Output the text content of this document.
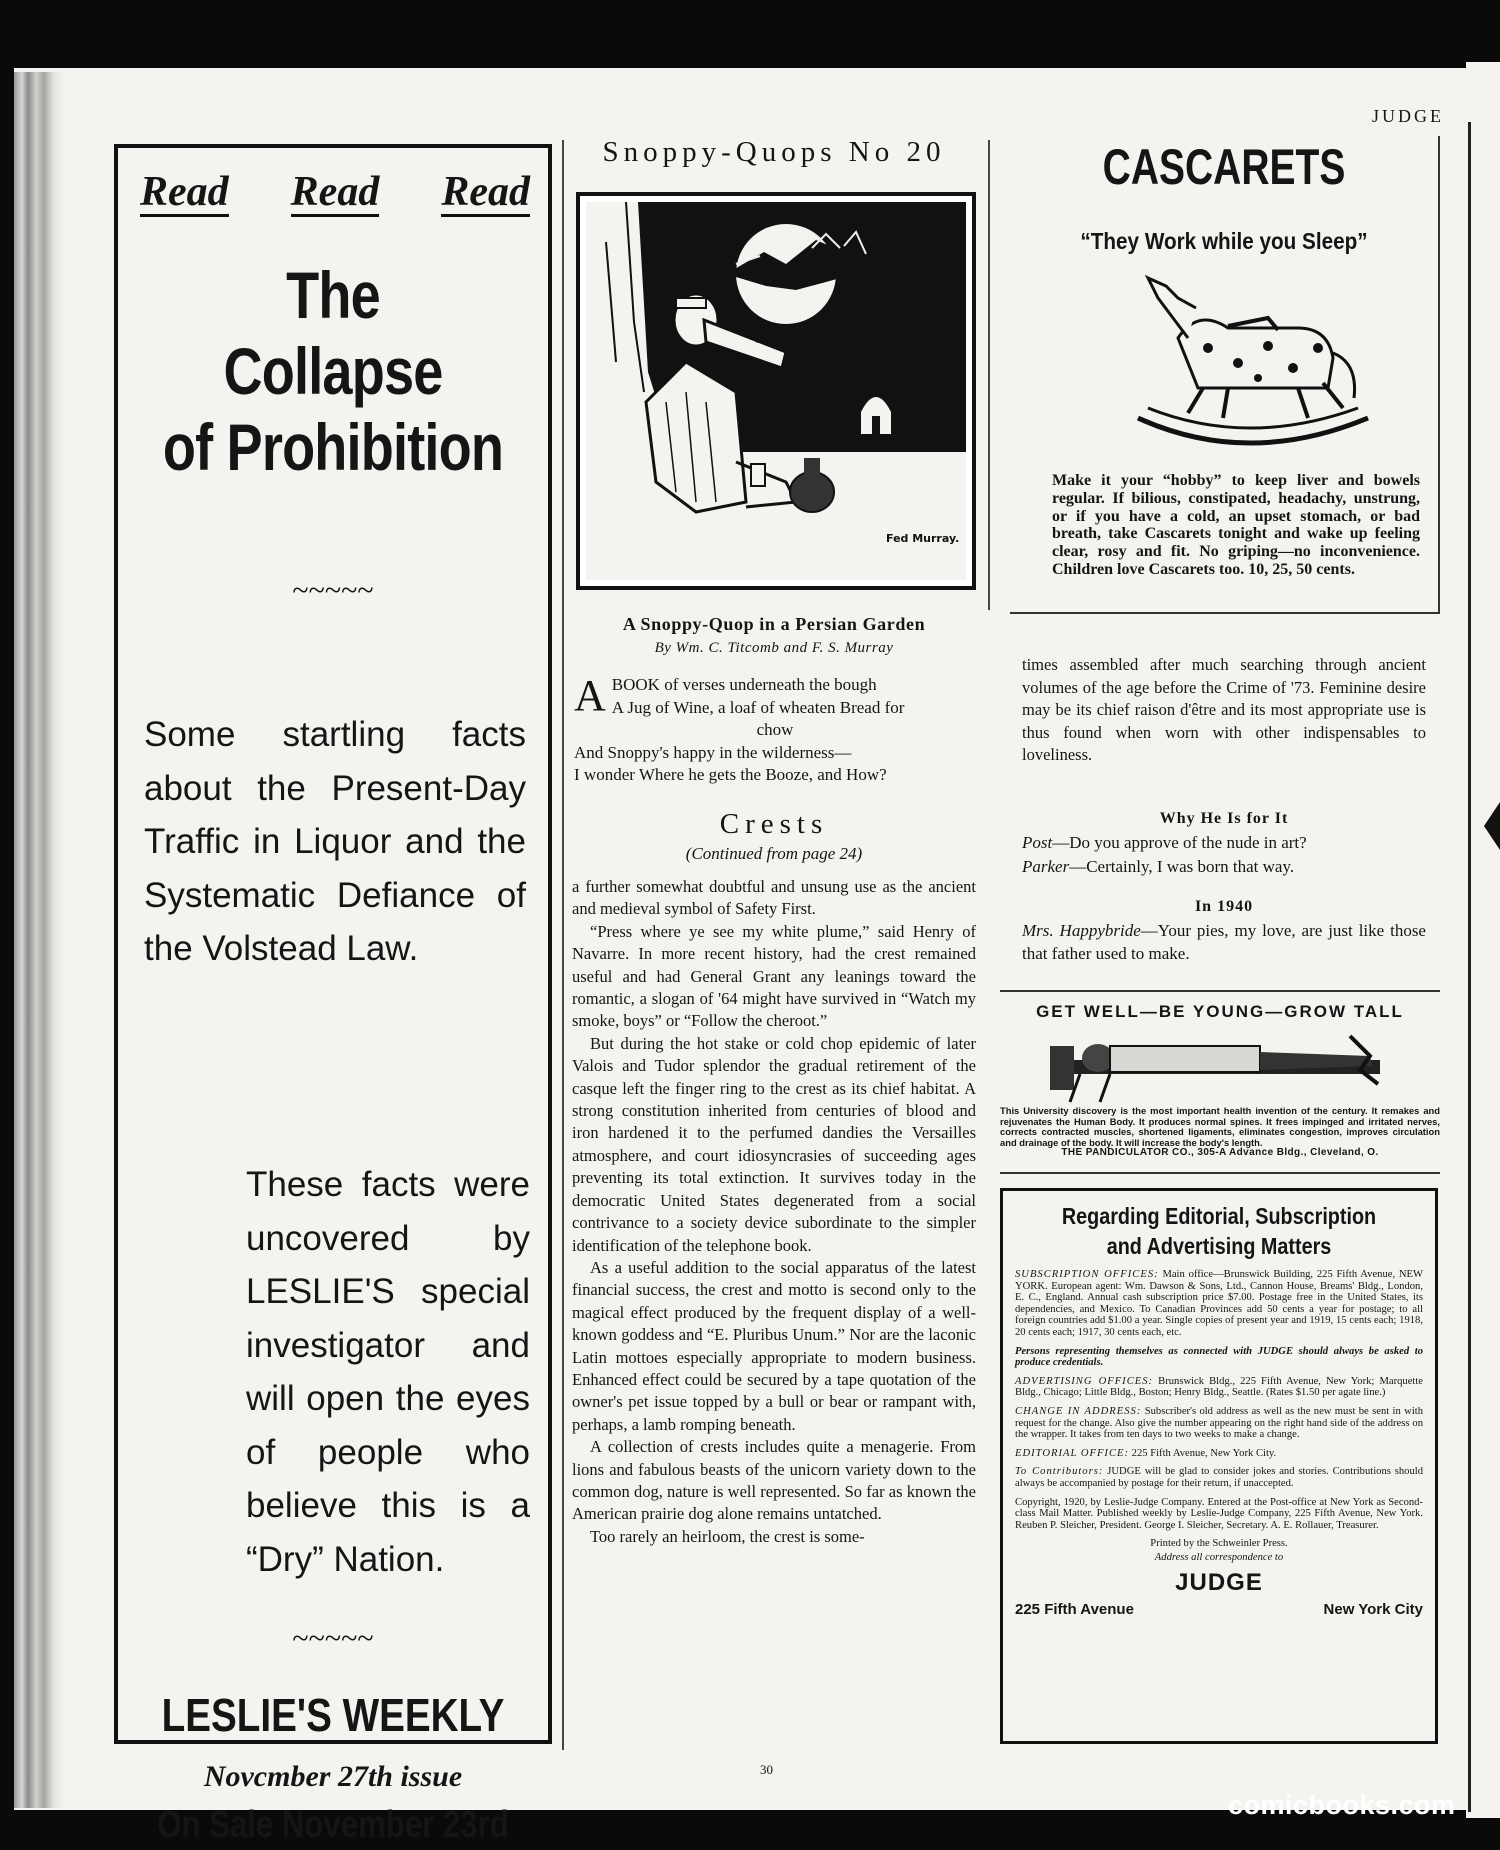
JUDGE
Read Read Read
The
Collapse
of Prohibition
~~~~~
Some startling facts about the Present-Day Traffic in Liquor and the Systematic Defiance of the Volstead Law.
These facts were uncovered by LESLIE'S special investigator and will open the eyes of people who believe this is a “Dry” Nation.
~~~~~
LESLIE'S WEEKLY
Novcmber 27th issue
On Sale November 23rd
Snoppy-Quops No 20
Fed Murray.
A Snoppy-Quop in a Persian Garden
By Wm. C. Titcomb and F. S. Murray
A BOOK of verses underneath the bough
A Jug of Wine, a loaf of wheaten Bread for
chow
And Snoppy's happy in the wilderness—
I wonder Where he gets the Booze, and How?
Crests
(Continued from page 24)

a further somewhat doubtful and unsung use as the ancient and medieval symbol of Safety First.

“Press where ye see my white plume,” said Henry of Navarre. In more recent history, had the crest remained useful and had General Grant any leanings toward the romantic, a slogan of '64 might have survived in “Watch my smoke, boys” or “Follow the cheroot.”

But during the hot stake or cold chop epidemic of later Valois and Tudor splendor the gradual retirement of the casque left the finger ring to the crest as its chief habitat. A strong constitution inherited from centuries of blood and iron hardened it to the perfumed dandies the Versailles atmosphere, and court idiosyncrasies of succeeding ages preventing its total extinction. It survives today in the democratic United States degenerated from a social contrivance to a society device subordinate to the simpler identification of the telephone book.

As a useful addition to the social apparatus of the latest financial success, the crest and motto is second only to the magical effect produced by the frequent display of a well-known goddess and “E. Pluribus Unum.” Nor are the laconic Latin mottoes especially appropriate to modern business. Enhanced effect could be secured by a tape quotation of the owner's pet issue topped by a bull or bear or rampant with, perhaps, a lamb romping beneath.

A collection of crests includes quite a menagerie. From lions and fabulous beasts of the unicorn variety down to the common dog, nature is well represented. So far as known the American prairie dog alone remains untatched.

Too rarely an heirloom, the crest is some-

30
CASCARETS
“They Work while you Sleep”
Make it your “hobby” to keep liver and bowels regular. If bilious, constipated, headachy, unstrung, or if you have a cold, an upset stomach, or bad breath, take Cascarets tonight and wake up feeling clear, rosy and fit. No griping—no inconvenience. Children love Cascarets too. 10, 25, 50 cents.
times assembled after much searching through ancient volumes of the age before the Crime of '73. Feminine desire may be its chief raison d'être and its most appropriate use is thus found when worn with other indispensables to loveliness.
Why He Is for It
Post—Do you approve of the nude in art?
Parker—Certainly, I was born that way.
In 1940
Mrs. Happybride—Your pies, my love, are just like those that father used to make.
GET WELL—BE YOUNG—GROW TALL
This University discovery is the most important health invention of the century. It remakes and rejuvenates the Human Body. It produces normal spines. It frees impinged and irritated nerves, corrects contracted muscles, shortened ligaments, eliminates congestion, improves circulation and drainage of the body. It will increase the body's length.
THE PANDICULATOR CO., 305-A Advance Bldg., Cleveland, O.
Regarding Editorial, Subscription and Advertising Matters

SUBSCRIPTION OFFICES: Main office—Brunswick Building, 225 Fifth Avenue, NEW YORK. European agent: Wm. Dawson & Sons, Ltd., Cannon House, Breams' Bldg., London, E. C., England. Annual cash subscription price $7.00. Postage free in the United States, its dependencies, and Mexico. To Canadian Provinces add 50 cents a year for postage; to all foreign countries add $1.00 a year. Single copies of present year and 1919, 15 cents each; 1918, 20 cents each; 1917, 30 cents each, etc.

Persons representing themselves as connected with JUDGE should always be asked to produce credentials.

ADVERTISING OFFICES: Brunswick Bldg., 225 Fifth Avenue, New York; Marquette Bldg., Chicago; Little Bldg., Boston; Henry Bldg., Seattle. (Rates $1.50 per agate line.)

CHANGE IN ADDRESS: Subscriber's old address as well as the new must be sent in with request for the change. Also give the number appearing on the right hand side of the address on the wrapper. It takes from ten days to two weeks to make a change.

EDITORIAL OFFICE: 225 Fifth Avenue, New York City.

To Contributors: JUDGE will be glad to consider jokes and stories. Contributions should always be accompanied by postage for their return, if unaccepted.

Copyright, 1920, by Leslie-Judge Company. Entered at the Post-office at New York as Second-class Mail Matter. Published weekly by Leslie-Judge Company, 225 Fifth Avenue, New York. Reuben P. Sleicher, President. George I. Sleicher, Secretary. A. E. Rollauer, Treasurer.

Printed by the Schweinler Press.

Address all correspondence to

JUDGE
225 Fifth Avenue	New York City
comicbooks.com
